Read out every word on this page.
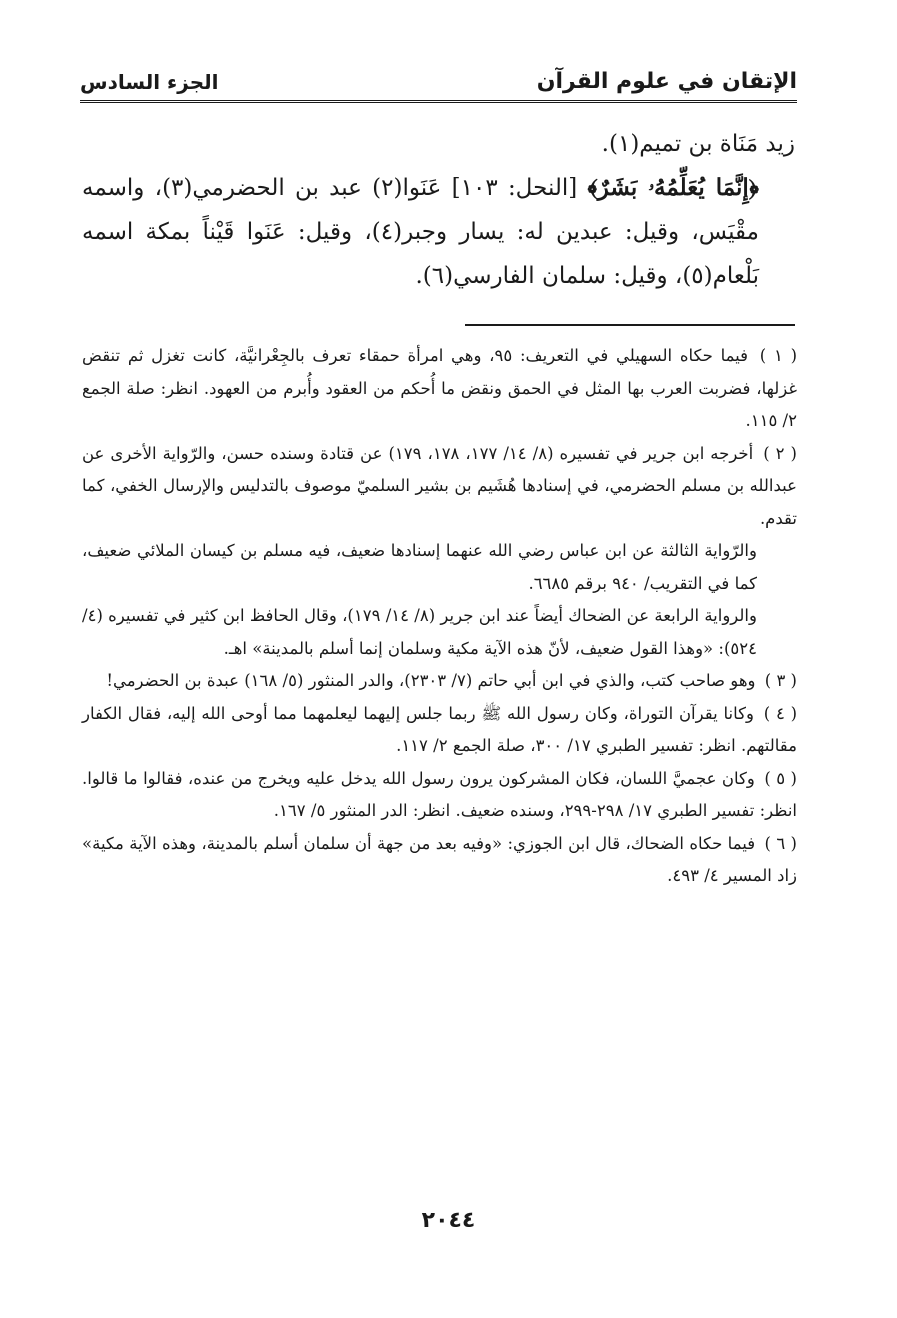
الإتقان في علوم القرآن
الجزء السادس

زيد مَنَاة بن تميم(١).

﴿إِنَّمَا يُعَلِّمُهُۥ بَشَرٌ﴾ [النحل: ١٠٣] عَنَوا(٢) عبد بن الحضرمي(٣)، واسمه مقْيَس، وقيل: عبدين له: يسار وجبر(٤)، وقيل: عَنَوا قَيْناً بمكة اسمه بَلْعام(٥)، وقيل: سلمان الفارسي(٦).

( ١ ) فيما حكاه السهيلي في التعريف: ٩٥، وهي امرأة حمقاء تعرف بالجِعْرانيَّة، كانت تغزل ثم تنقض غزلها، فضربت العرب بها المثل في الحمق ونقض ما أُحكم من العقود وأُبرم من العهود. انظر: صلة الجمع ٢/ ١١٥.
( ٢ ) أخرجه ابن جرير في تفسيره (٨/ ١٤/ ١٧٧، ١٧٨، ١٧٩) عن قتادة وسنده حسن، والرّواية الأخرى عن عبدالله بن مسلم الحضرمي، في إسنادها هُشَيم بن بشير السلميّ موصوف بالتدليس والإرسال الخفي، كما تقدم.
والرّواية الثالثة عن ابن عباس رضي الله عنهما إسنادها ضعيف، فيه مسلم بن كيسان الملائي ضعيف، كما في التقريب/ ٩٤٠ برقم ٦٦٨٥.
والرواية الرابعة عن الضحاك أيضاً عند ابن جرير (٨/ ١٤/ ١٧٩)، وقال الحافظ ابن كثير في تفسيره (٤/ ٥٢٤): «وهذا القول ضعيف، لأنّ هذه الآية مكية وسلمان إنما أسلم بالمدينة» اهـ.
( ٣ ) وهو صاحب كتب، والذي في ابن أبي حاتم (٧/ ٢٣٠٣)، والدر المنثور (٥/ ١٦٨) عبدة بن الحضرمي!
( ٤ ) وكانا يقرآن التوراة، وكان رسول الله ﷺ ربما جلس إليهما ليعلمهما مما أوحى الله إليه، فقال الكفار مقالتهم. انظر: تفسير الطبري ١٧/ ٣٠٠، صلة الجمع ٢/ ١١٧.
( ٥ ) وكان عجميَّ اللسان، فكان المشركون يرون رسول الله يدخل عليه ويخرج من عنده، فقالوا ما قالوا. انظر: تفسير الطبري ١٧/ ٢٩٨-٢٩٩، وسنده ضعيف. انظر: الدر المنثور ٥/ ١٦٧.
( ٦ ) فيما حكاه الضحاك، قال ابن الجوزي: «وفيه بعد من جهة أن سلمان أسلم بالمدينة، وهذه الآية مكية» زاد المسير ٤/ ٤٩٣.
٢٠٤٤
